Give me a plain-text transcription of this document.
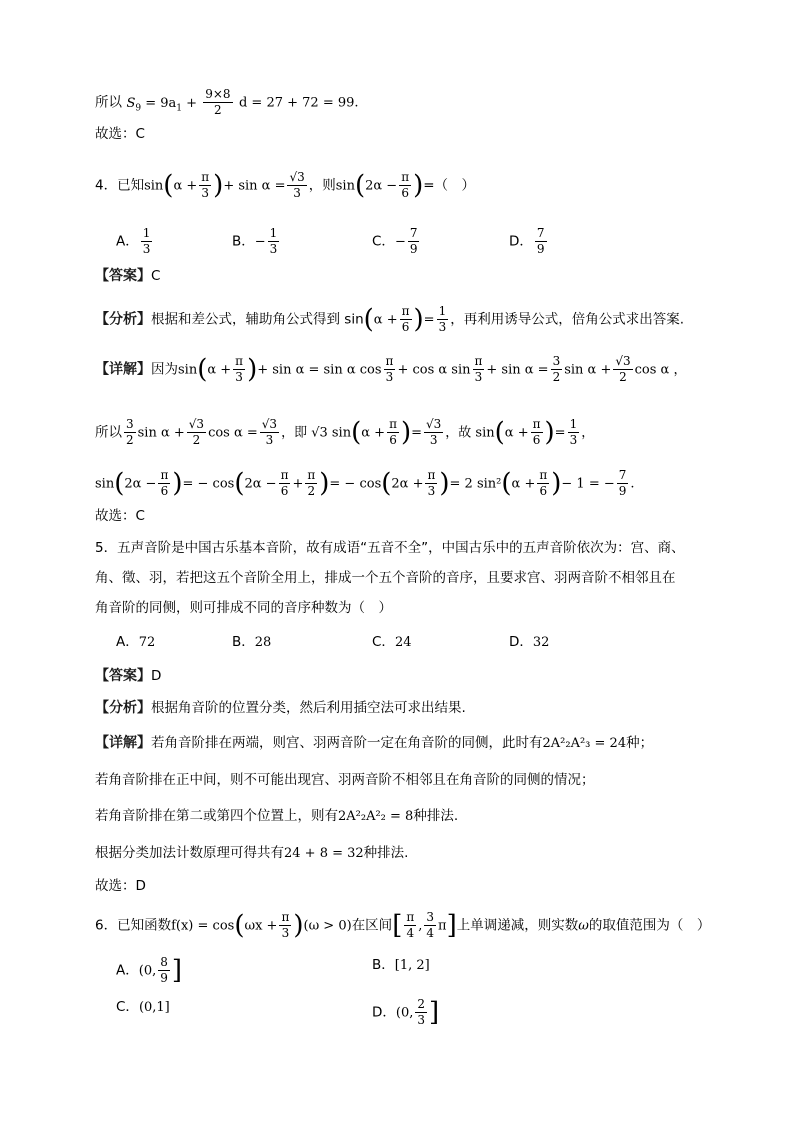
所以 $S_9 = 9a_1 + \frac{9\times 8}{2}$ d = 27 + 72 = 99.
故选：C
4．已知$\sin(\alpha + \frac{\pi}{3}$ )+ $\sin \alpha = \frac{√3}{3}$ ，则$\sin(2\alpha - \frac{\pi}{6}$ )=（　）
A． $\frac{1}{3}$	B．− $\frac{1}{3}$	C．− $\frac{7}{9}$	D． $\frac{7}{9}$
【答案】C
【分析】根据和差公式，辅助角公式得到 $\sin(\alpha + \frac{\pi}{6}$ )= $\frac{1}{3}$ ，再利用诱导公式，倍角公式求出答案.
【详解】因为$\sin(\alpha + \frac{\pi}{3}$ )+ sin α = sin α $\cos \frac{\pi}{3} + \cos \alpha$ $\sin \frac{\pi}{3} + \sin \alpha = \frac{3}{2}$ $\sin \alpha + \frac{√3}{2}$ cos α ，
所以 $\frac{3}{2}$ $\sin \alpha + \frac{√3}{2}$ $\cos \alpha = \frac{√3}{3}$ ，即 √3 $\sin(\alpha + \frac{\pi}{6}$ )= $\frac{√3}{3}$ ，故 $\sin(\alpha + \frac{\pi}{6}$ )= $\frac{1}{3}$ ，
$\sin(2\alpha - \frac{\pi}{6}$ )= − $\cos(2\alpha - \frac{\pi}{6} + \frac{\pi}{2}$ )= − $\cos(2\alpha + \frac{\pi}{3}$ )= 2 $\sin^2(\alpha + \frac{\pi}{6}$ )− 1 = − $\frac{7}{9}$ .
故选：C
5．五声音阶是中国古乐基本音阶，故有成语“五音不全”，中国古乐中的五声音阶依次为：宫、商、
角、徵、羽，若把这五个音阶全用上，排成一个五个音阶的音序，且要求宫、羽两音阶不相邻且在
角音阶的同侧，则可排成不同的音序种数为（　）
A．72	B．28	C．24	D．32
【答案】D
【分析】根据角音阶的位置分类，然后利用插空法可求出结果.
【详解】若角音阶排在两端，则宫、羽两音阶一定在角音阶的同侧，此时有2A²₂A²₃ = 24种；
若角音阶排在正中间，则不可能出现宫、羽两音阶不相邻且在角音阶的同侧的情况；
若角音阶排在第二或第四个位置上，则有2A²₂A²₂ = 8种排法.
根据分类加法计数原理可得共有24 + 8 = 32种排法.
故选：D
6．已知函数$f(x) = \cos(\omega x + \frac{\pi}{3} )(\omega > 0)$在区间[ $\frac{\pi}{4}$ , $\frac{3}{4} \pi$]上单调递减，则实数ω的取值范围为（　）
A．(0, $\frac{8}{9}$ ]	B．[1, 2]
C．(0,1]	D．(0, $\frac{2}{3}$ ]
